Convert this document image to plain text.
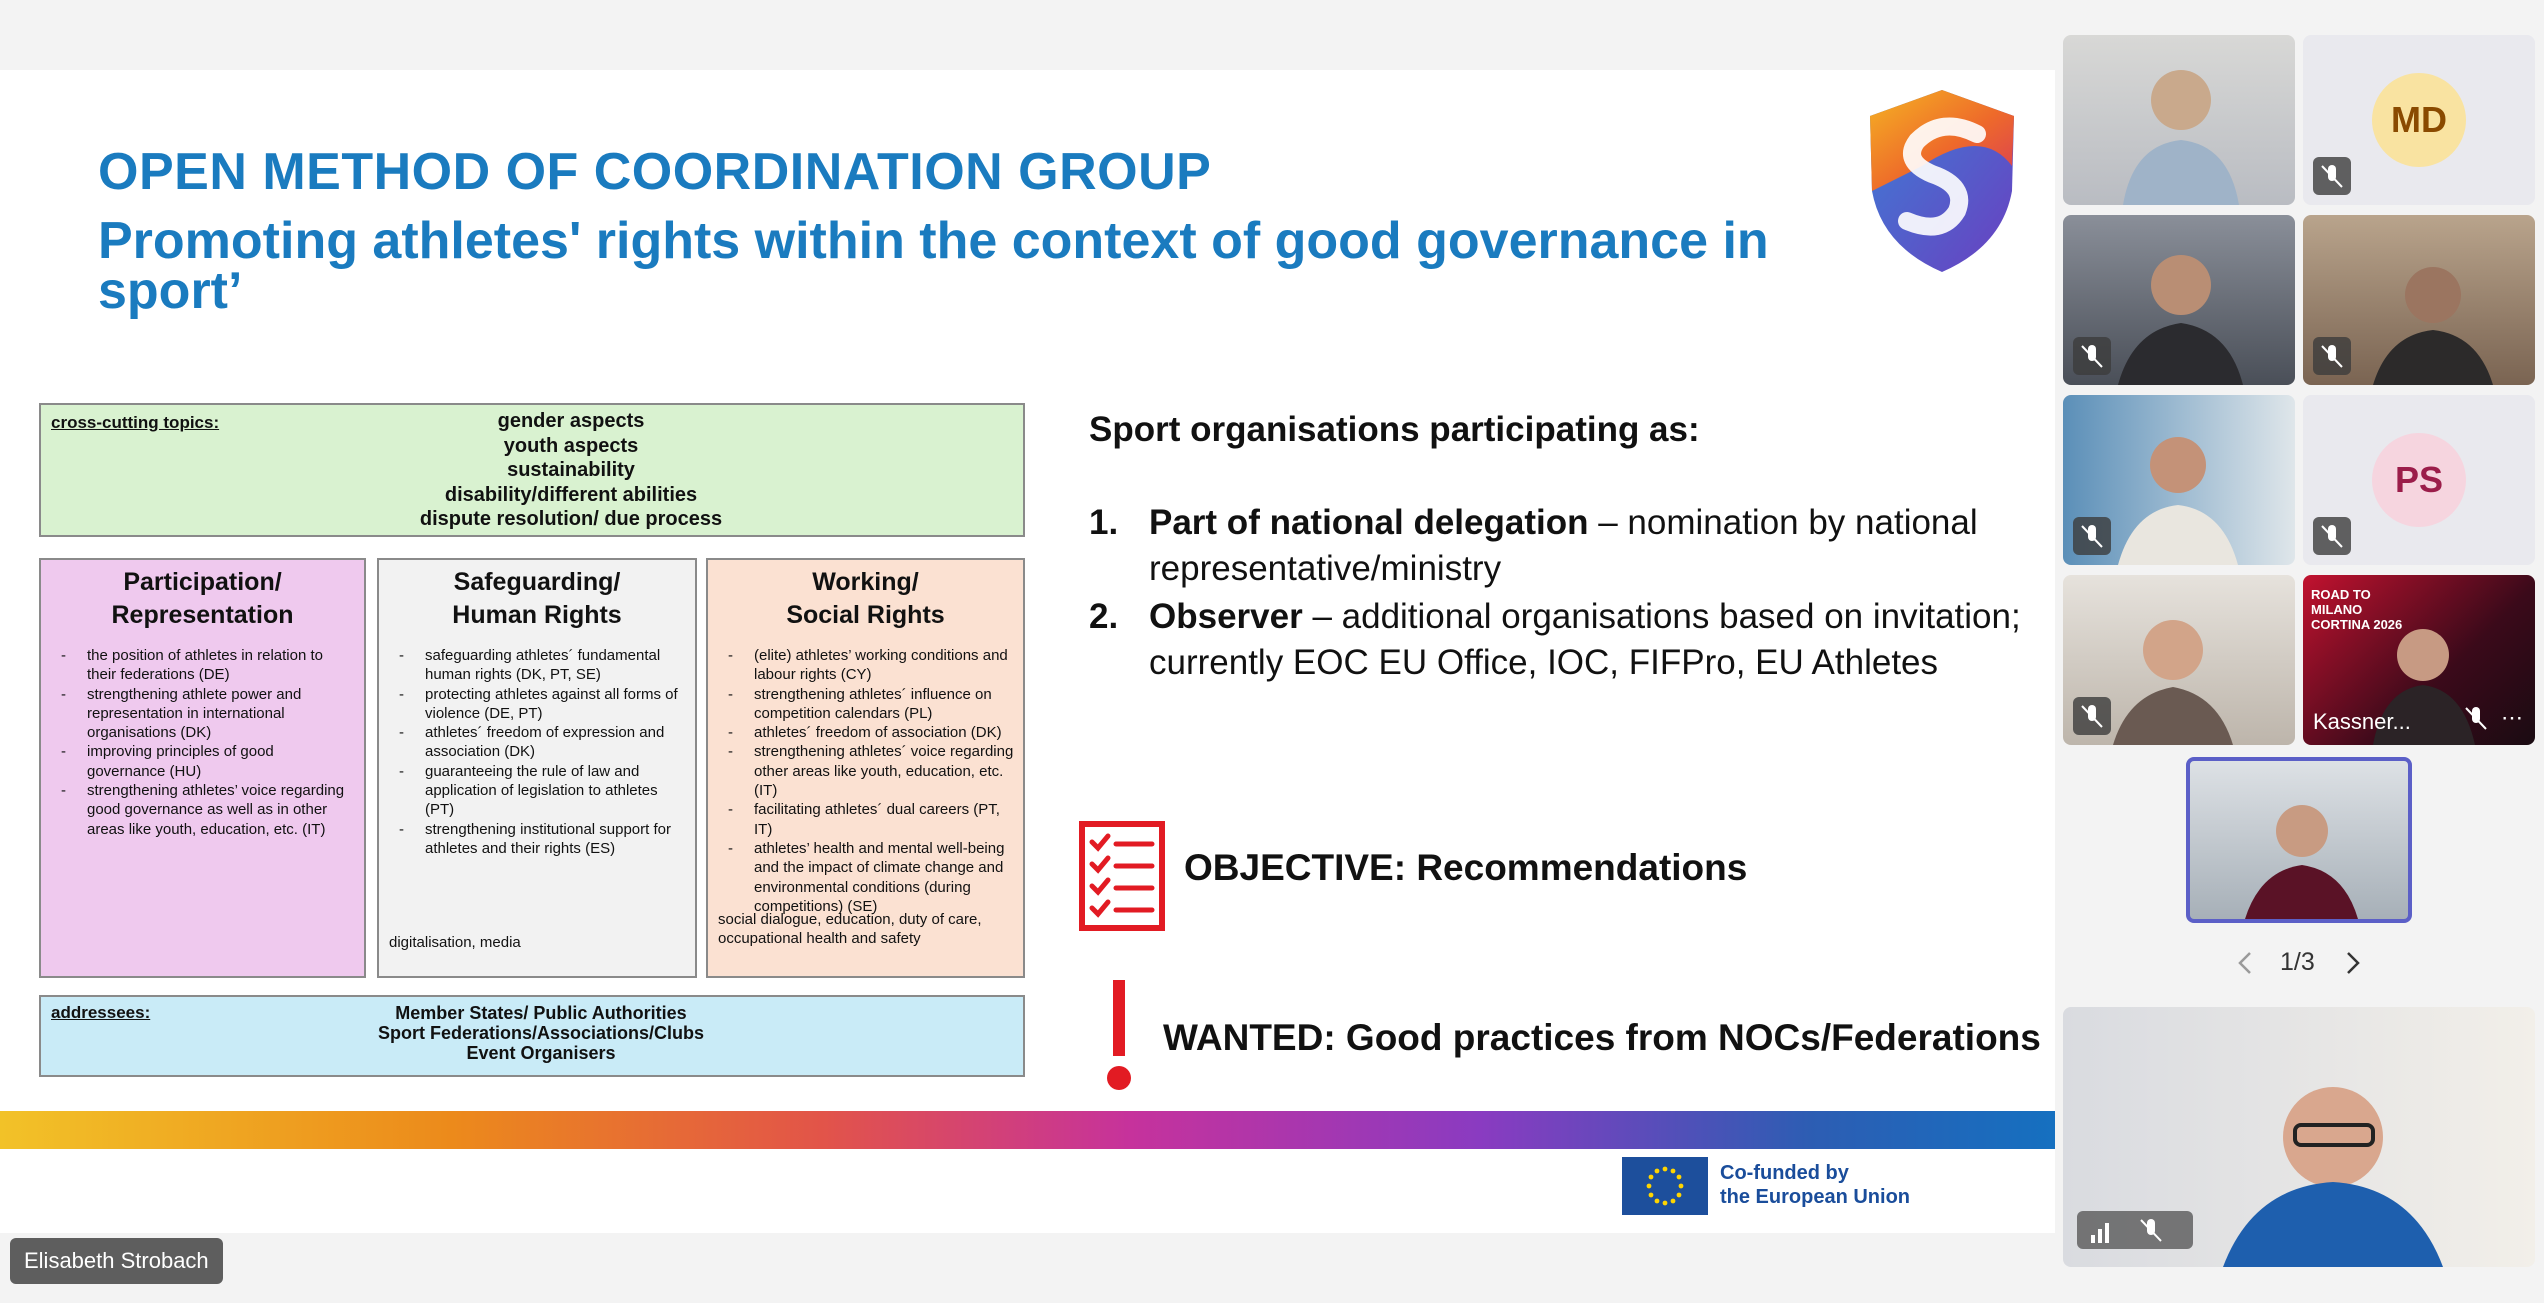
OPEN METHOD OF COORDINATION GROUP
Promoting athletes' rights within the context of good governance in sport’
cross-cutting topics:	gender aspects
youth aspects
sustainability
disability/different abilities
dispute resolution/ due process
Participation/
Representation
- the position of athletes in relation to their federations (DE)
- strengthening athlete power and representation in international organisations (DK)
- improving principles of good governance (HU)
- strengthening athletes’ voice regarding good governance as well as in other areas like youth, education, etc. (IT)
Safeguarding/
Human Rights
- safeguarding athletes´ fundamental human rights (DK, PT, SE)
- protecting athletes against all forms of violence (DE, PT)
- athletes´ freedom of expression and association (DK)
- guaranteeing the rule of law and application of legislation to athletes (PT)
- strengthening institutional support for athletes and their rights (ES)
digitalisation, media
Working/
Social Rights
- (elite) athletes’ working conditions and labour rights (CY)
- strengthening athletes´ influence on competition calendars (PL)
- athletes´ freedom of association (DK)
- strengthening athletes´ voice regarding other areas like youth, education, etc. (IT)
- facilitating athletes´ dual careers (PT, IT)
- athletes’ health and mental well-being and the impact of climate change and environmental conditions (during competitions) (SE)
social dialogue, education, duty of care, occupational health and safety
addressees:	Member States/ Public Authorities
Sport Federations/Associations/Clubs
Event Organisers
Sport organisations participating as:
1. Part of national delegation – nomination by national representative/ministry
2. Observer – additional organisations based on invitation; currently EOC EU Office, IOC, FIFPro, EU Athletes
OBJECTIVE: Recommendations
WANTED: Good practices from NOCs/Federations
Co-funded by
the European Union
Elisabeth Strobach
MD
PS
ROAD TO MILANO CORTINA 2026
Kassner...	⋯
1/3
